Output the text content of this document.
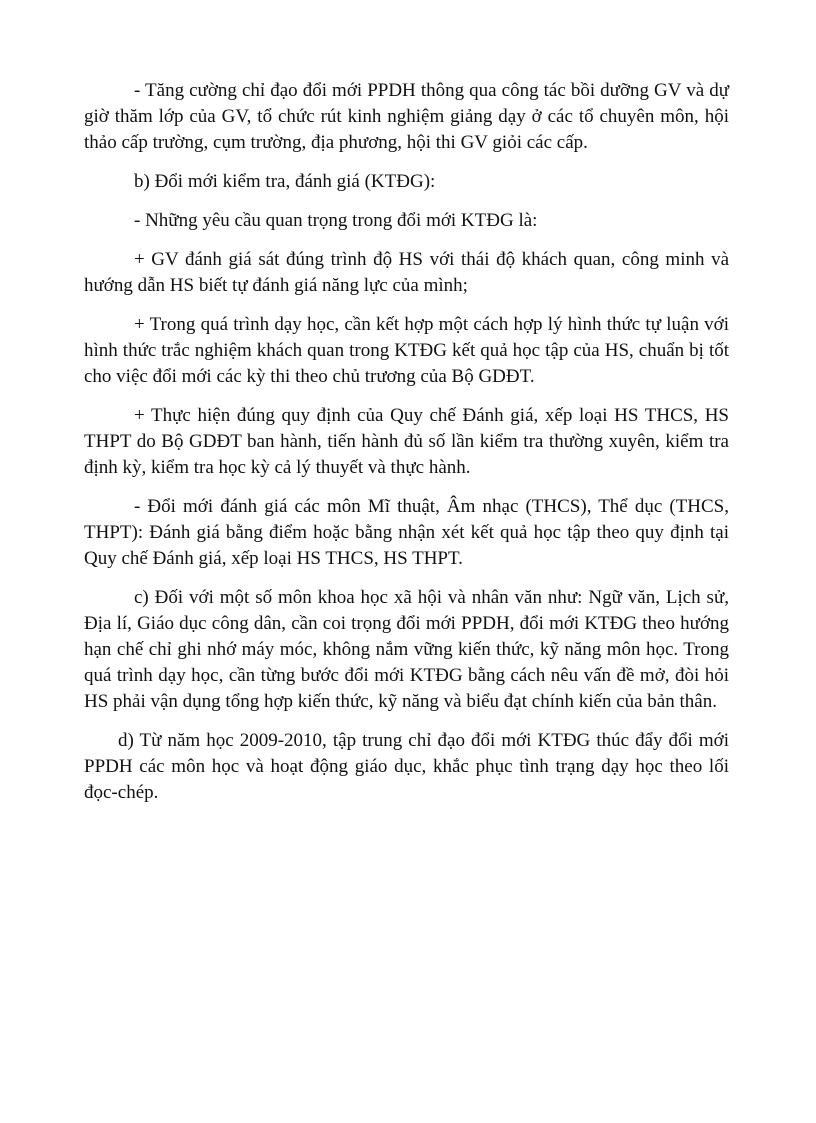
- Tăng cường chỉ đạo đổi mới PPDH thông qua công tác bồi dưỡng GV và dự giờ thăm lớp của GV, tổ chức rút kinh nghiệm giảng dạy ở các tổ chuyên môn, hội thảo cấp trường, cụm trường, địa phương, hội thi GV giỏi các cấp.

b) Đổi mới kiểm tra, đánh giá (KTĐG):

- Những yêu cầu quan trọng trong đổi mới KTĐG là:

+ GV đánh giá sát đúng trình độ HS với thái độ khách quan, công minh và hướng dẫn HS biết tự đánh giá năng lực của mình;

+ Trong quá trình dạy học, cần kết hợp một cách hợp lý hình thức tự luận với hình thức trắc nghiệm khách quan trong KTĐG kết quả học tập của HS, chuẩn bị tốt cho việc đổi mới các kỳ thi theo chủ trương của Bộ GDĐT.

+ Thực hiện đúng quy định của Quy chế Đánh giá, xếp loại HS THCS, HS THPT do Bộ GDĐT ban hành, tiến hành đủ số lần kiểm tra thường xuyên, kiểm tra định kỳ, kiểm tra học kỳ cả lý thuyết và thực hành.

- Đổi mới đánh giá các môn Mĩ thuật, Âm nhạc (THCS), Thể dục (THCS, THPT): Đánh giá bằng điểm hoặc bằng nhận xét kết quả học tập theo quy định tại Quy chế Đánh giá, xếp loại HS THCS, HS THPT.

c) Đối với một số môn khoa học xã hội và nhân văn như: Ngữ văn, Lịch sử, Địa lí, Giáo dục công dân, cần coi trọng đổi mới PPDH, đổi mới KTĐG theo hướng hạn chế chỉ ghi nhớ máy móc, không nắm vững kiến thức, kỹ năng môn học. Trong quá trình dạy học, cần từng bước đổi mới KTĐG bằng cách nêu vấn đề mở, đòi hỏi HS phải vận dụng tổng hợp kiến thức, kỹ năng và biểu đạt chính kiến của bản thân.

d) Từ năm học 2009-2010, tập trung chỉ đạo đổi mới KTĐG thúc đẩy đổi mới PPDH các môn học và hoạt động giáo dục, khắc phục tình trạng dạy học theo lối đọc-chép.
